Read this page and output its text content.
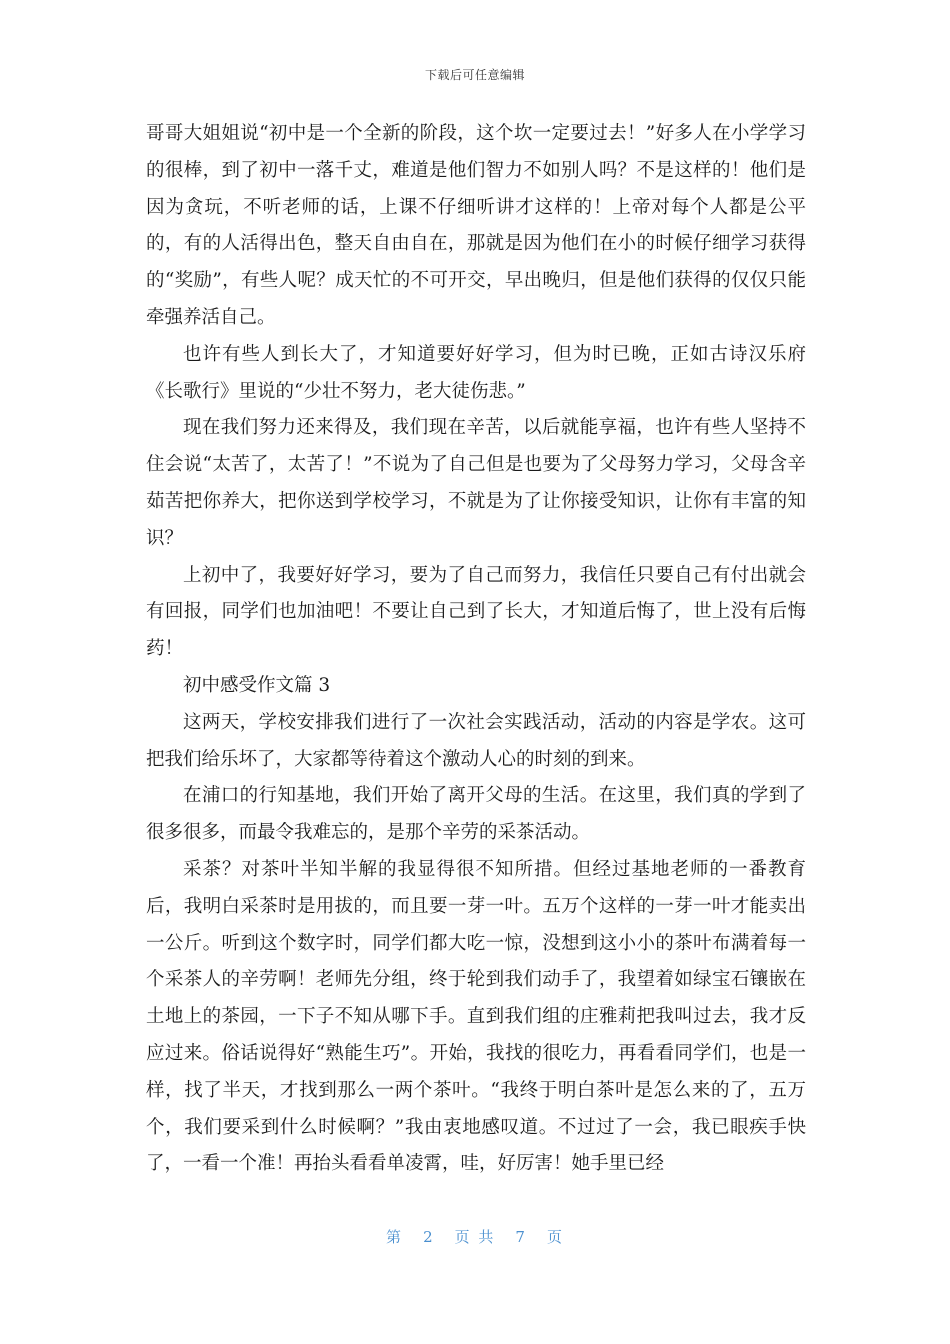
下载后可任意编辑

哥哥大姐姐说“初中是一个全新的阶段，这个坎一定要过去！”好多人在小学学习的很棒，到了初中一落千丈，难道是他们智力不如别人吗？不是这样的！他们是因为贪玩，不听老师的话，上课不仔细听讲才这样的！上帝对每个人都是公平的，有的人活得出色，整天自由自在，那就是因为他们在小的时候仔细学习获得的“奖励”，有些人呢？成天忙的不可开交，早出晚归，但是他们获得的仅仅只能牵强养活自己。

也许有些人到长大了，才知道要好好学习，但为时已晚，正如古诗汉乐府《长歌行》里说的“少壮不努力，老大徒伤悲。”

现在我们努力还来得及，我们现在辛苦，以后就能享福，也许有些人坚持不住会说“太苦了，太苦了！”不说为了自己但是也要为了父母努力学习，父母含辛茹苦把你养大，把你送到学校学习，不就是为了让你接受知识，让你有丰富的知识？

上初中了，我要好好学习，要为了自己而努力，我信任只要自己有付出就会有回报，同学们也加油吧！不要让自己到了长大，才知道后悔了，世上没有后悔药！

初中感受作文篇 3

这两天，学校安排我们进行了一次社会实践活动，活动的内容是学农。这可把我们给乐坏了，大家都等待着这个激动人心的时刻的到来。

在浦口的行知基地，我们开始了离开父母的生活。在这里，我们真的学到了很多很多，而最令我难忘的，是那个辛劳的采茶活动。

采茶？对茶叶半知半解的我显得很不知所措。但经过基地老师的一番教育后，我明白采茶时是用拔的，而且要一芽一叶。五万个这样的一芽一叶才能卖出一公斤。听到这个数字时，同学们都大吃一惊，没想到这小小的茶叶布满着每一个采茶人的辛劳啊！老师先分组，终于轮到我们动手了，我望着如绿宝石镶嵌在土地上的茶园，一下子不知从哪下手。直到我们组的庄雅莉把我叫过去，我才反应过来。俗话说得好“熟能生巧”。开始，我找的很吃力，再看看同学们，也是一样，找了半天，才找到那么一两个茶叶。“我终于明白茶叶是怎么来的了，五万个，我们要采到什么时候啊？”我由衷地感叹道。不过过了一会，我已眼疾手快了，一看一个准！再抬头看看单凌霄，哇，好厉害！她手里已经

第 2 页 共 7 页
